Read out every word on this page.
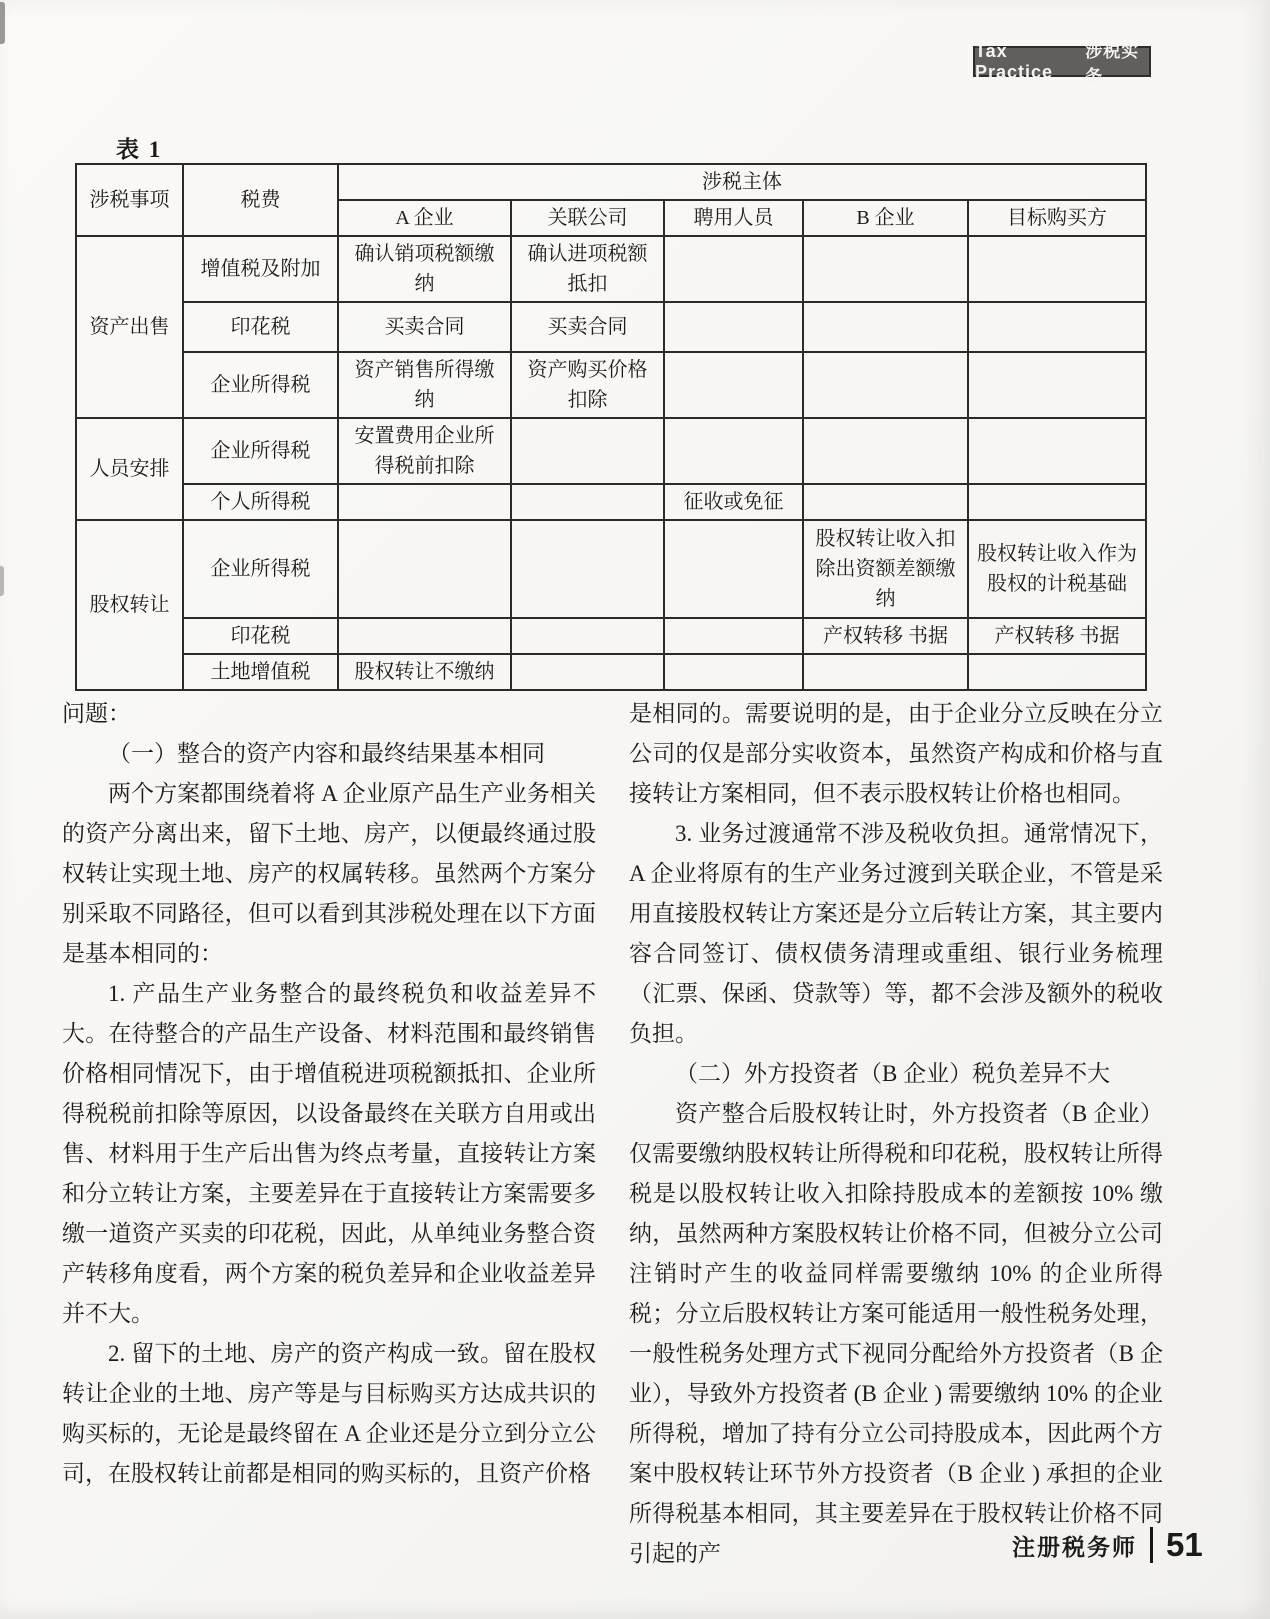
Tax Practice
涉税实务
表 1
涉税事项	税费	涉税主体				
		A 企业	关联公司	聘用人员	B 企业	目标购买方
资产出售	增值税及附加	确认销项税额缴纳	确认进项税额抵扣			
	印花税	买卖合同	买卖合同			
	企业所得税	资产销售所得缴纳	资产购买价格扣除			
人员安排	企业所得税	安置费用企业所得税前扣除				
	个人所得税			征收或免征		
股权转让	企业所得税				股权转让收入扣除出资额差额缴纳	股权转让收入作为股权的计税基础
	印花税				产权转移 书据	产权转移 书据
	土地增值税	股权转让不缴纳				

问题：

（一）整合的资产内容和最终结果基本相同

两个方案都围绕着将 A 企业原产品生产业务相关的资产分离出来，留下土地、房产，以便最终通过股权转让实现土地、房产的权属转移。虽然两个方案分别采取不同路径，但可以看到其涉税处理在以下方面是基本相同的：

1. 产品生产业务整合的最终税负和收益差异不大。在待整合的产品生产设备、材料范围和最终销售价格相同情况下，由于增值税进项税额抵扣、企业所得税税前扣除等原因，以设备最终在关联方自用或出售、材料用于生产后出售为终点考量，直接转让方案和分立转让方案，主要差异在于直接转让方案需要多缴一道资产买卖的印花税，因此，从单纯业务整合资产转移角度看，两个方案的税负差异和企业收益差异并不大。

2. 留下的土地、房产的资产构成一致。留在股权转让企业的土地、房产等是与目标购买方达成共识的购买标的，无论是最终留在 A 企业还是分立到分立公司，在股权转让前都是相同的购买标的，且资产价格

是相同的。需要说明的是，由于企业分立反映在分立公司的仅是部分实收资本，虽然资产构成和价格与直接转让方案相同，但不表示股权转让价格也相同。

3. 业务过渡通常不涉及税收负担。通常情况下，A 企业将原有的生产业务过渡到关联企业，不管是采用直接股权转让方案还是分立后转让方案，其主要内容合同签订、债权债务清理或重组、银行业务梳理（汇票、保函、贷款等）等，都不会涉及额外的税收负担。

（二）外方投资者（B 企业）税负差异不大

资产整合后股权转让时，外方投资者（B 企业）仅需要缴纳股权转让所得税和印花税，股权转让所得税是以股权转让收入扣除持股成本的差额按 10% 缴纳，虽然两种方案股权转让价格不同，但被分立公司注销时产生的收益同样需要缴纳 10% 的企业所得税；分立后股权转让方案可能适用一般性税务处理，一般性税务处理方式下视同分配给外方投资者（B 企业），导致外方投资者 (B 企业 ) 需要缴纳 10% 的企业所得税，增加了持有分立公司持股成本，因此两个方案中股权转让环节外方投资者（B 企业 ) 承担的企业所得税基本相同，其主要差异在于股权转让价格不同引起的产	注册税务师 51
